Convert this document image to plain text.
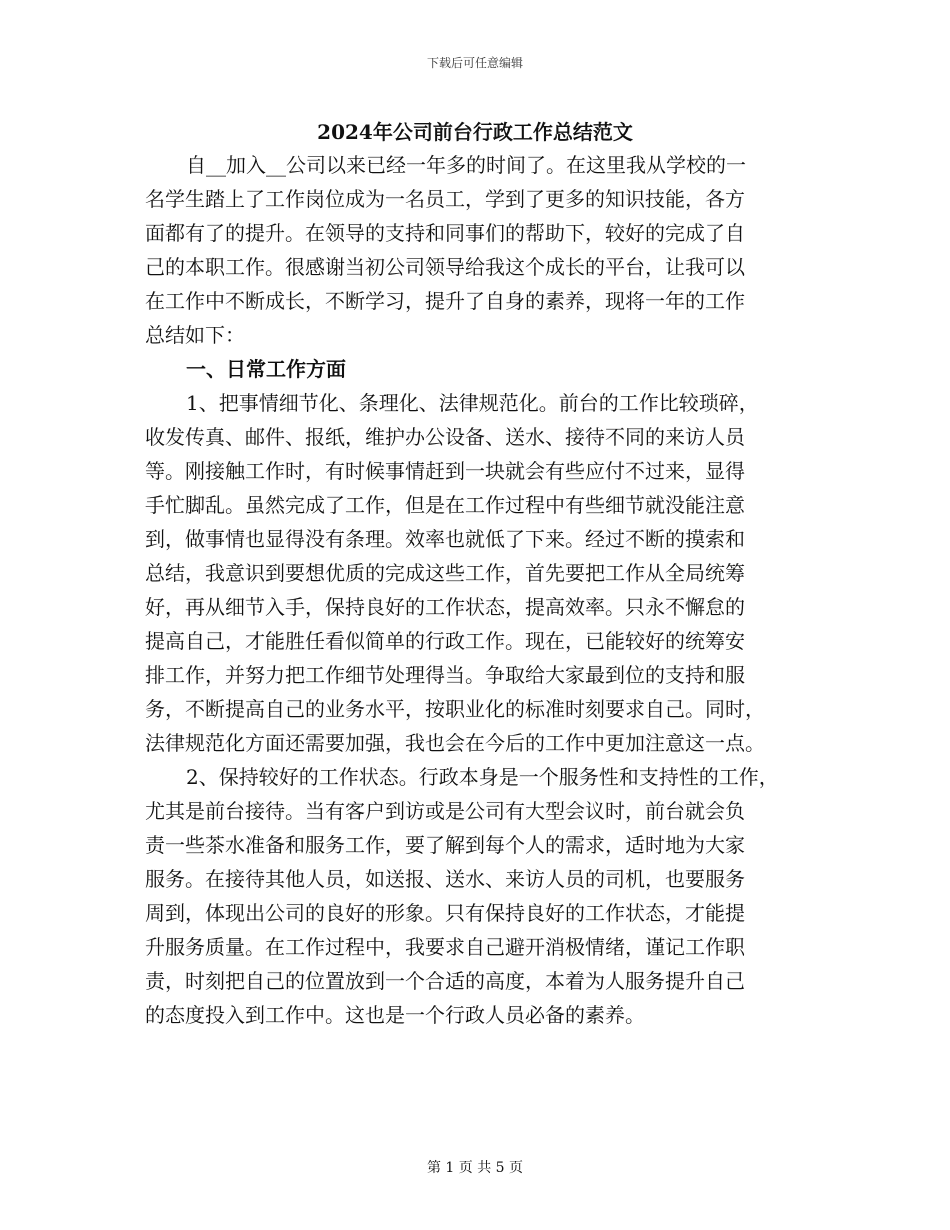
下载后可任意编辑
2024年公司前台行政工作总结范文
自__加入__公司以来已经一年多的时间了。在这里我从学校的一
名学生踏上了工作岗位成为一名员工，学到了更多的知识技能，各方
面都有了的提升。在领导的支持和同事们的帮助下，较好的完成了自
己的本职工作。很感谢当初公司领导给我这个成长的平台，让我可以
在工作中不断成长，不断学习，提升了自身的素养，现将一年的工作
总结如下：
一、日常工作方面
1、把事情细节化、条理化、法律规范化。前台的工作比较琐碎，
收发传真、邮件、报纸，维护办公设备、送水、接待不同的来访人员
等。刚接触工作时，有时候事情赶到一块就会有些应付不过来，显得
手忙脚乱。虽然完成了工作，但是在工作过程中有些细节就没能注意
到，做事情也显得没有条理。效率也就低了下来。经过不断的摸索和
总结，我意识到要想优质的完成这些工作，首先要把工作从全局统筹
好，再从细节入手，保持良好的工作状态，提高效率。只永不懈怠的
提高自己，才能胜任看似简单的行政工作。现在，已能较好的统筹安
排工作，并努力把工作细节处理得当。争取给大家最到位的支持和服
务，不断提高自己的业务水平，按职业化的标准时刻要求自己。同时，
法律规范化方面还需要加强，我也会在今后的工作中更加注意这一点。
2、保持较好的工作状态。行政本身是一个服务性和支持性的工作，
尤其是前台接待。当有客户到访或是公司有大型会议时，前台就会负
责一些茶水准备和服务工作，要了解到每个人的需求，适时地为大家
服务。在接待其他人员，如送报、送水、来访人员的司机，也要服务
周到，体现出公司的良好的形象。只有保持良好的工作状态，才能提
升服务质量。在工作过程中，我要求自己避开消极情绪，谨记工作职
责，时刻把自己的位置放到一个合适的高度，本着为人服务提升自己
的态度投入到工作中。这也是一个行政人员必备的素养。
第 1 页 共 5 页
